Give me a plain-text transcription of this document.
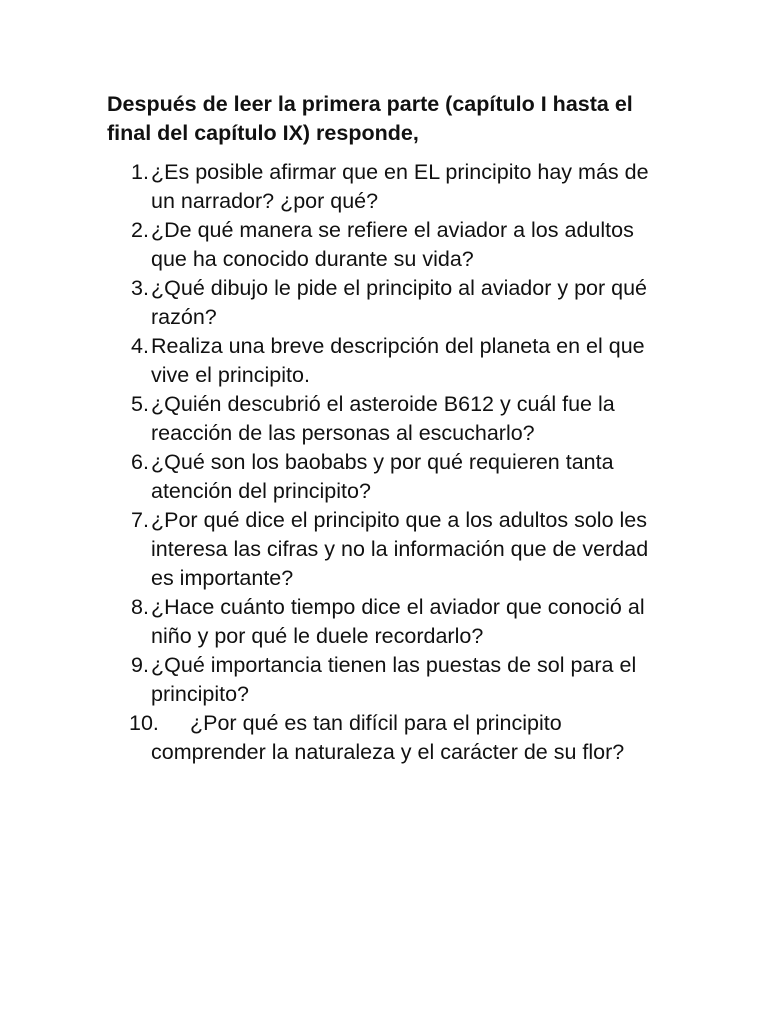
Después de leer la primera parte (capítulo I hasta el final del capítulo IX) responde,

1. ¿Es posible afirmar que en EL principito hay más de un narrador? ¿por qué?
2. ¿De qué manera se refiere el aviador a los adultos que ha conocido durante su vida?
3. ¿Qué dibujo le pide el principito al aviador y por qué razón?
4. Realiza una breve descripción del planeta en el que vive el principito.
5. ¿Quién descubrió el asteroide B612 y cuál fue la reacción de las personas al escucharlo?
6. ¿Qué son los baobabs y por qué requieren tanta atención del principito?
7. ¿Por qué dice el principito que a los adultos solo les interesa las cifras y no la información que de verdad es importante?
8. ¿Hace cuánto tiempo dice el aviador que conoció al niño y por qué le duele recordarlo?
9. ¿Qué importancia tienen las puestas de sol para el principito?
10. ¿Por qué es tan difícil para el principito comprender la naturaleza y el carácter de su flor?
